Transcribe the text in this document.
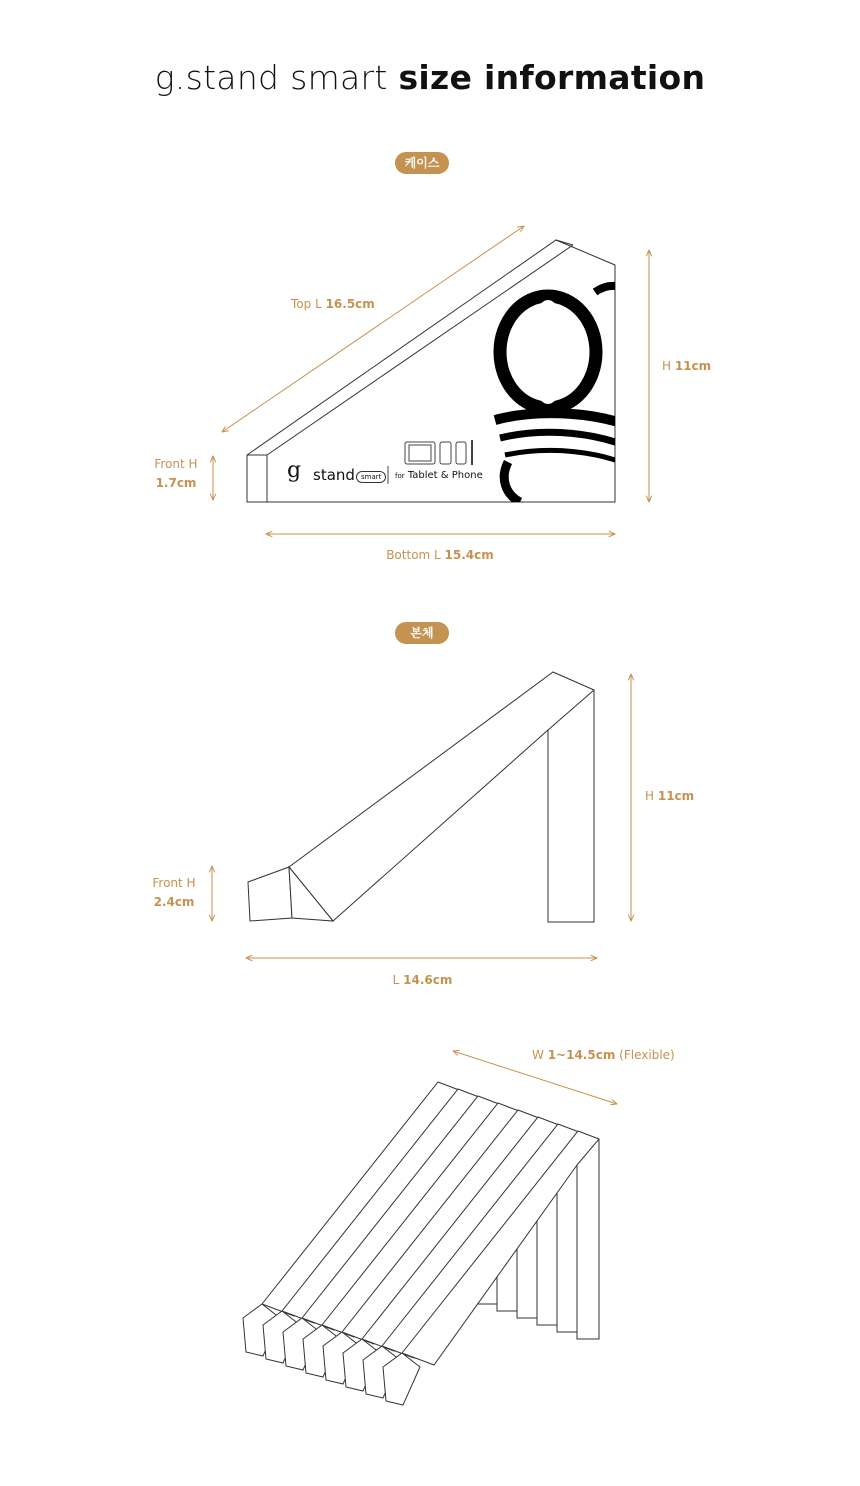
g.stand smart size information
케이스
본체
g stand smart	for Tablet & Phone
Top L 16.5cm
H 11cm
Front H
1.7cm
Bottom L 15.4cm
H 11cm
Front H
2.4cm
L 14.6cm
W 1~14.5cm (Flexible)
